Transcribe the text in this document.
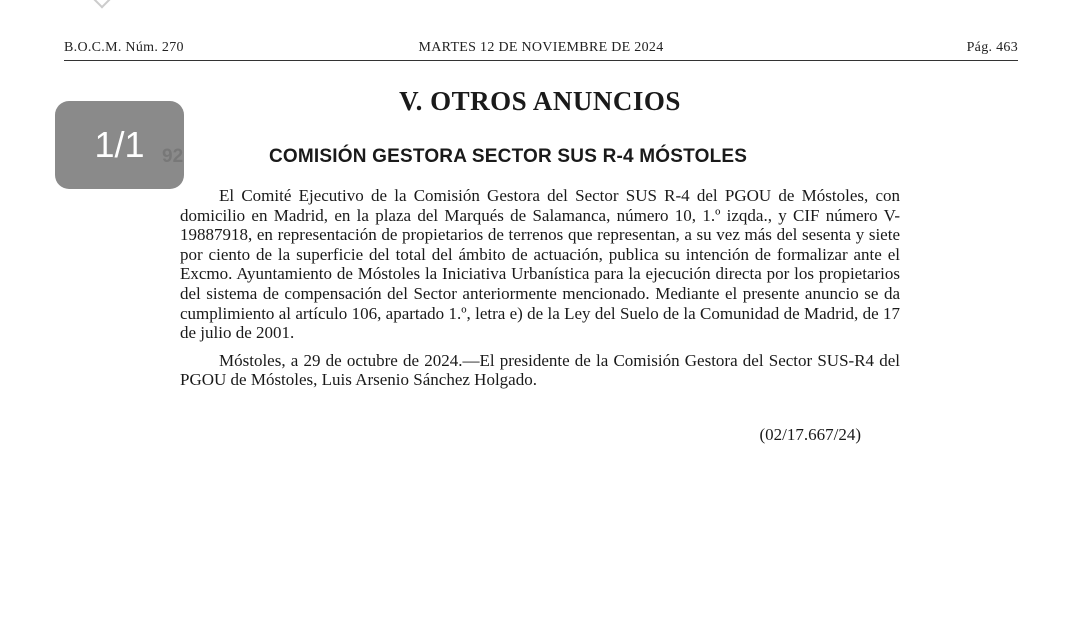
B.O.C.M. Núm. 270	MARTES 12 DE NOVIEMBRE DE 2024	Pág. 463
V. OTROS ANUNCIOS
COMISIÓN GESTORA SECTOR SUS R-4 MÓSTOLES

El Comité Ejecutivo de la Comisión Gestora del Sector SUS R-4 del PGOU de Móstoles, con domicilio en Madrid, en la plaza del Marqués de Salamanca, número 10, 1.º izqda., y CIF número V-19887918, en representación de propietarios de terrenos que representan, a su vez más del sesenta y siete por ciento de la superficie del total del ámbito de actuación, publica su intención de formalizar ante el Excmo. Ayuntamiento de Móstoles la Iniciativa Urbanística para la ejecución directa por los propietarios del sistema de compensación del Sector anteriormente mencionado. Mediante el presente anuncio se da cumplimiento al artículo 106, apartado 1.º, letra e) de la Ley del Suelo de la Comunidad de Madrid, de 17 de julio de 2001.

Móstoles, a 29 de octubre de 2024.—El presidente de la Comisión Gestora del Sector SUS-R4 del PGOU de Móstoles, Luis Arsenio Sánchez Holgado.

(02/17.667/24)
1/1
